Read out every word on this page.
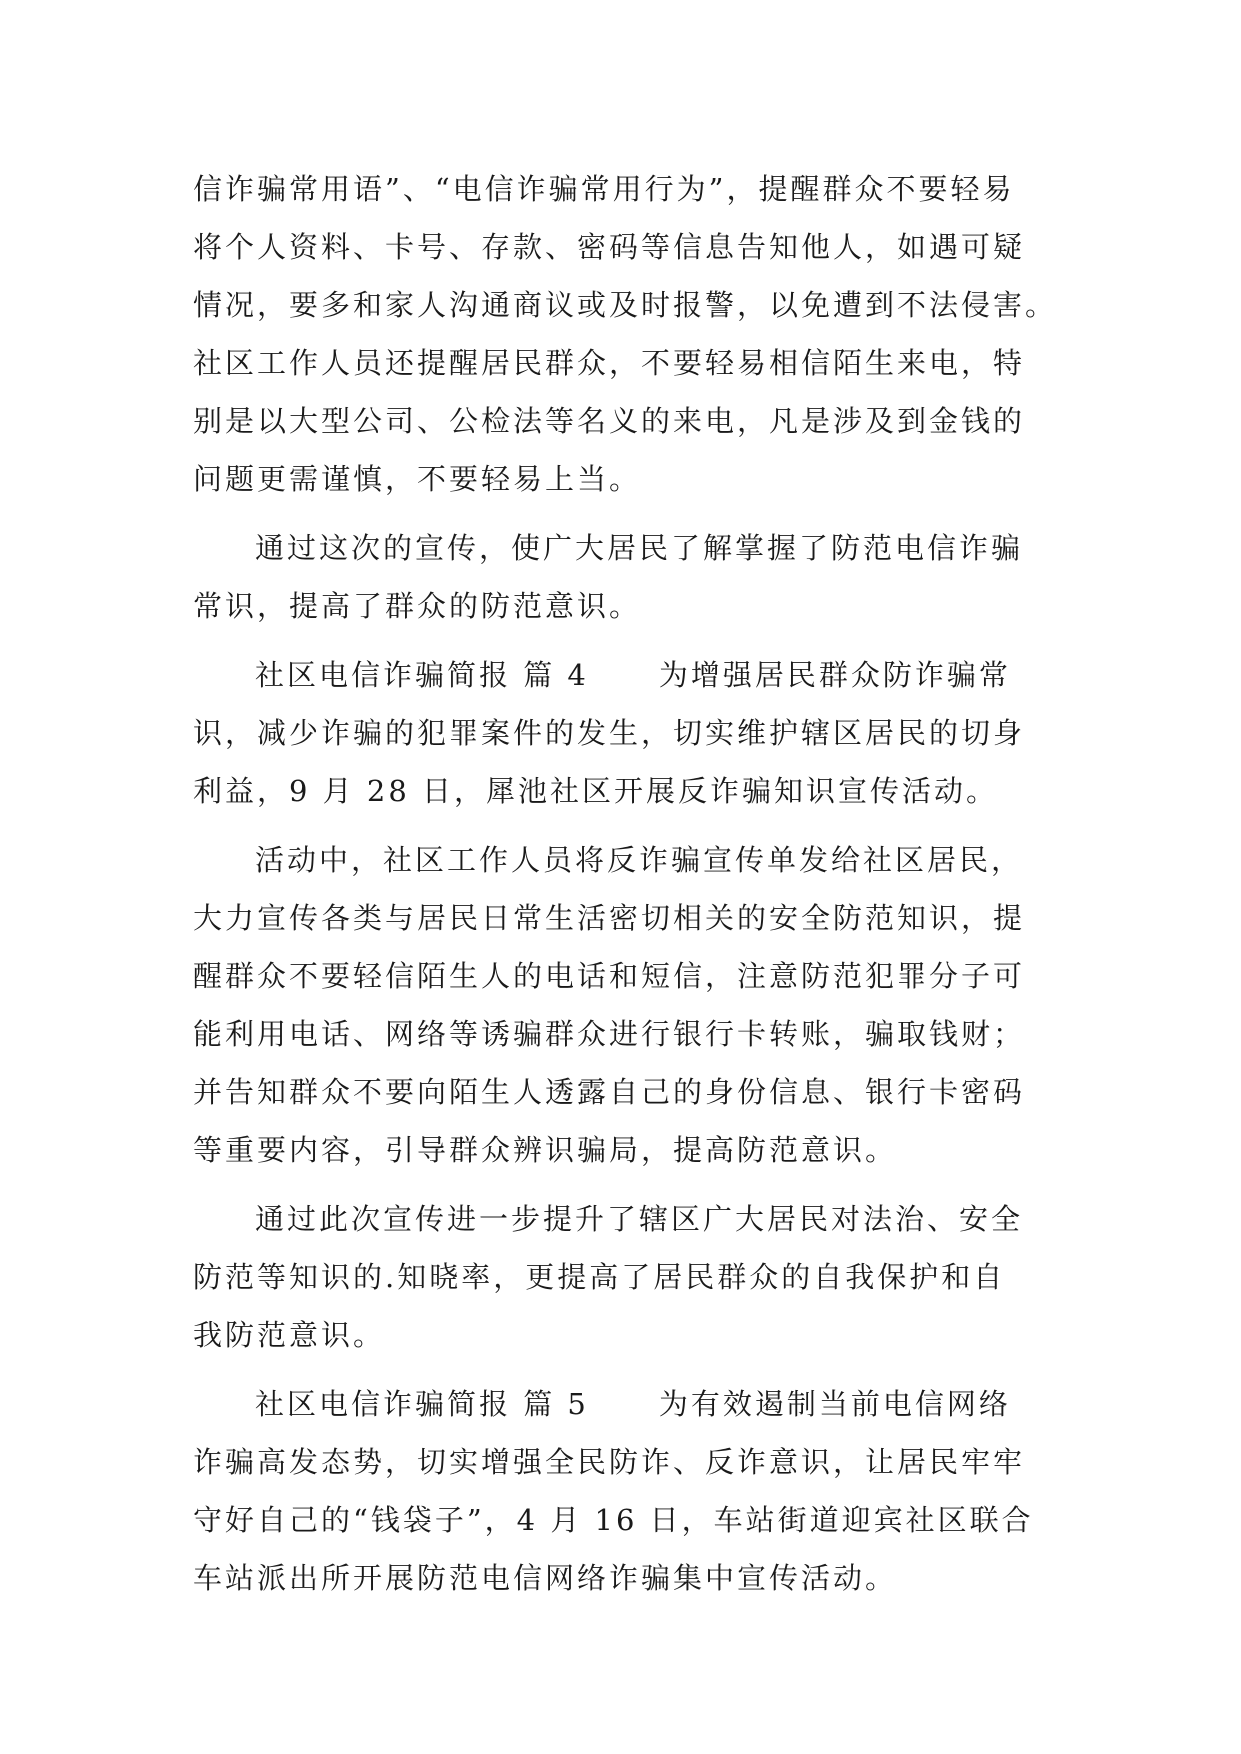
信诈骗常用语”、“电信诈骗常用行为”，提醒群众不要轻易
将个人资料、卡号、存款、密码等信息告知他人，如遇可疑
情况，要多和家人沟通商议或及时报警，以免遭到不法侵害。
社区工作人员还提醒居民群众，不要轻易相信陌生来电，特
别是以大型公司、公检法等名义的来电，凡是涉及到金钱的
问题更需谨慎，不要轻易上当。
通过这次的宣传，使广大居民了解掌握了防范电信诈骗
常识，提高了群众的防范意识。
社区电信诈骗简报 篇 4 为增强居民群众防诈骗常
识，减少诈骗的犯罪案件的发生，切实维护辖区居民的切身
利益，9 月 28 日，犀池社区开展反诈骗知识宣传活动。
活动中，社区工作人员将反诈骗宣传单发给社区居民，
大力宣传各类与居民日常生活密切相关的安全防范知识，提
醒群众不要轻信陌生人的电话和短信，注意防范犯罪分子可
能利用电话、网络等诱骗群众进行银行卡转账，骗取钱财；
并告知群众不要向陌生人透露自己的身份信息、银行卡密码
等重要内容，引导群众辨识骗局，提高防范意识。
通过此次宣传进一步提升了辖区广大居民对法治、安全
防范等知识的.知晓率，更提高了居民群众的自我保护和自
我防范意识。
社区电信诈骗简报 篇 5 为有效遏制当前电信网络
诈骗高发态势，切实增强全民防诈、反诈意识，让居民牢牢
守好自己的“钱袋子”，4 月 16 日，车站街道迎宾社区联合
车站派出所开展防范电信网络诈骗集中宣传活动。
